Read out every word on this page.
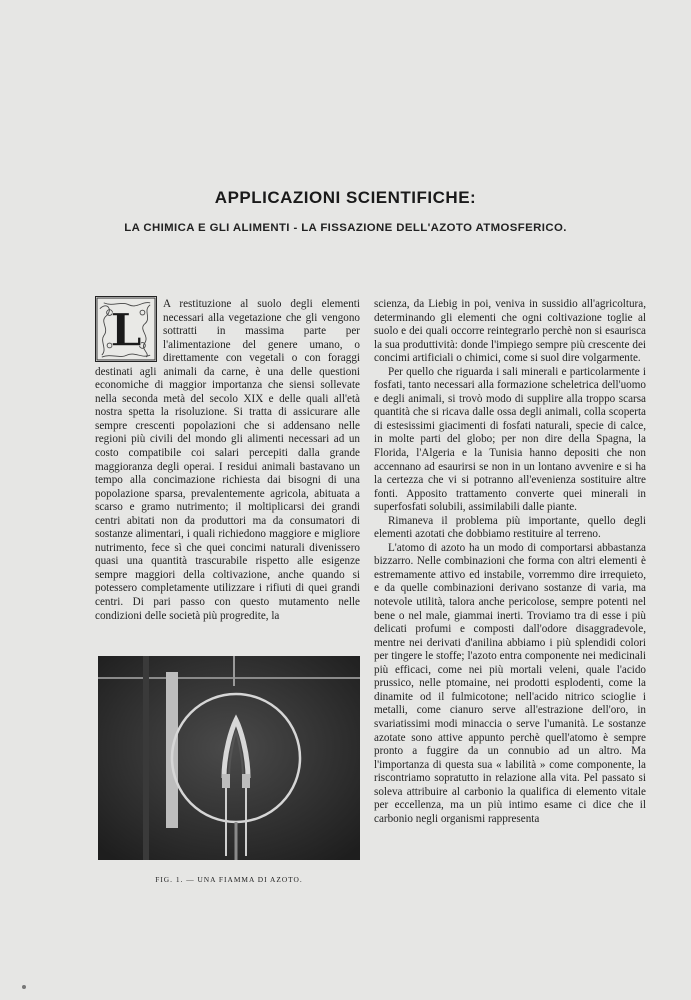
APPLICAZIONI SCIENTIFICHE:
LA CHIMICA E GLI ALIMENTI - LA FISSAZIONE DELL'AZOTO ATMOSFERICO.
L

A restituzione al suolo degli elementi necessari alla vegetazione che gli vengono sottratti in massima parte per l'alimentazione del genere umano, o direttamente con vegetali o con foraggi destinati agli animali da carne, è una delle questioni economiche di maggior importanza che siensi sollevate nella seconda metà del secolo XIX e delle quali all'età nostra spetta la risoluzione. Si tratta di assicurare alle sempre crescenti popolazioni che si addensano nelle regioni più civili del mondo gli alimenti necessari ad un costo compatibile coi salari percepiti dalla grande maggioranza degli operai. I residui animali bastavano un tempo alla concimazione richiesta dai bisogni di una popolazione sparsa, prevalentemente agricola, abituata a scarso e gramo nutrimento; il moltiplicarsi dei grandi centri abitati non da produttori ma da consumatori di sostanze alimentari, i quali richiedono maggiore e migliore nutrimento, fece sì che quei concimi naturali divenissero quasi una quantità trascurabile rispetto alle esigenze sempre maggiori della coltivazione, anche quando si potessero completamente utilizzare i rifiuti di quei grandi centri. Di pari passo con questo mutamento nelle condizioni delle società più progredite, la

scienza, da Liebig in poi, veniva in sussidio all'agricoltura, determinando gli elementi che ogni coltivazione toglie al suolo e dei quali occorre reintegrarlo perchè non si esaurisca la sua produttività: donde l'impiego sempre più crescente dei concimi artificiali o chimici, come si suol dire volgarmente.

Per quello che riguarda i sali minerali e particolarmente i fosfati, tanto necessari alla formazione scheletrica dell'uomo e degli animali, si trovò modo di supplire alla troppo scarsa quantità che si ricava dalle ossa degli animali, colla scoperta di estesissimi giacimenti di fosfati naturali, specie di calce, in molte parti del globo; per non dire della Spagna, la Florida, l'Algeria e la Tunisia hanno depositi che non accennano ad esaurirsi se non in un lontano avvenire e si ha la certezza che vi si potranno all'evenienza sostituire altre fonti. Apposito trattamento converte quei minerali in superfosfati solubili, assimilabili dalle piante.

Rimaneva il problema più importante, quello degli elementi azotati che dobbiamo restituire al terreno.

L'atomo di azoto ha un modo di comportarsi abbastanza bizzarro. Nelle combinazioni che forma con altri elementi è estremamente attivo ed instabile, vorremmo dire irrequieto, e da quelle combinazioni derivano sostanze di varia, ma notevole utilità, talora anche pericolose, sempre potenti nel bene o nel male, giammai inerti. Troviamo tra di esse i più delicati profumi e composti dall'odore disaggradevole, mentre nei derivati d'anilina abbiamo i più splendidi colori per tingere le stoffe; l'azoto entra componente nei medicinali più efficaci, come nei più mortali veleni, quale l'acido prussico, nelle ptomaine, nei prodotti esplodenti, come la dinamite od il fulmicotone; nell'acido nitrico scioglie i metalli, come cianuro serve all'estrazione dell'oro, in svariatissimi modi minaccia o serve l'umanità. Le sostanze azotate sono attive appunto perchè quell'atomo è sempre pronto a fuggire da un connubio ad un altro. Ma l'importanza di questa sua « labilità » come componente, la riscontriamo sopratutto in relazione alla vita. Pel passato si soleva attribuire al carbonio la qualifica di elemento vitale per eccellenza, ma un più intimo esame ci dice che il carbonio negli organismi rappresenta

FIG. 1. — UNA FIAMMA DI AZOTO.
